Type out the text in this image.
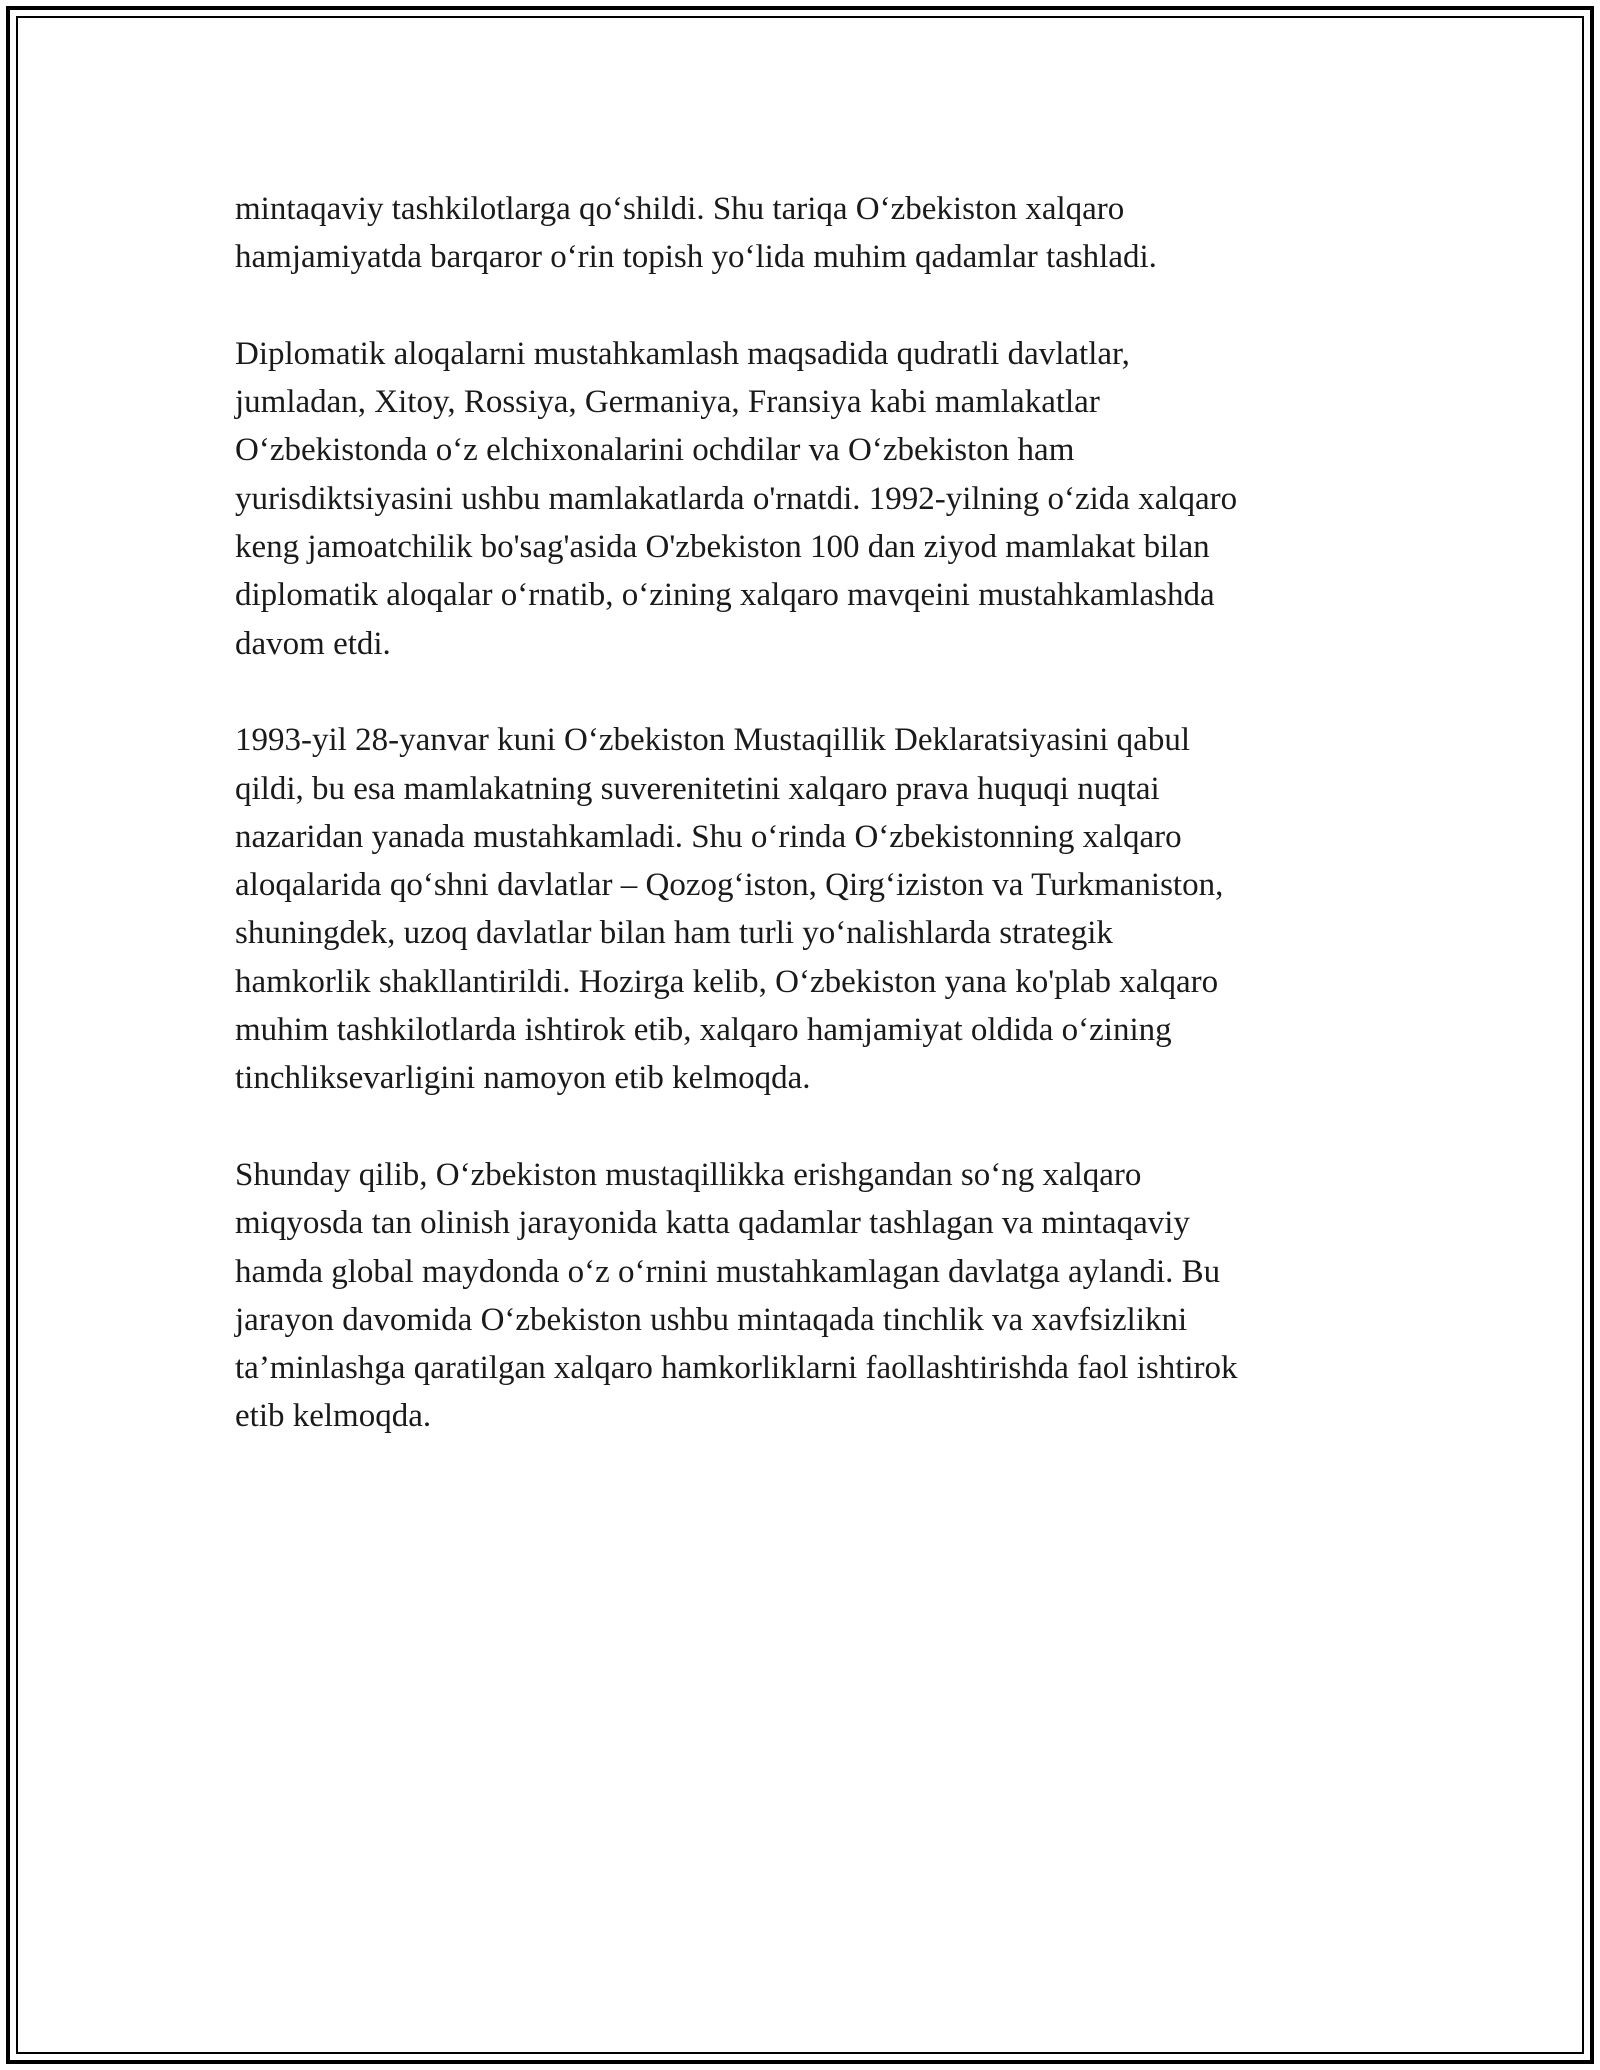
mintaqaviy tashkilotlarga qo‘shildi. Shu tariqa O‘zbekiston xalqaro
hamjamiyatda barqaror o‘rin topish yo‘lida muhim qadamlar tashladi.

Diplomatik aloqalarni mustahkamlash maqsadida qudratli davlatlar,
jumladan, Xitoy, Rossiya, Germaniya, Fransiya kabi mamlakatlar
O‘zbekistonda o‘z elchixonalarini ochdilar va O‘zbekiston ham
yurisdiktsiyasini ushbu mamlakatlarda o'rnatdi. 1992-yilning o‘zida xalqaro
keng jamoatchilik bo'sag'asida O'zbekiston 100 dan ziyod mamlakat bilan
diplomatik aloqalar o‘rnatib, o‘zining xalqaro mavqeini mustahkamlashda
davom etdi.

1993-yil 28-yanvar kuni O‘zbekiston Mustaqillik Deklaratsiyasini qabul
qildi, bu esa mamlakatning suverenitetini xalqaro prava huquqi nuqtai
nazaridan yanada mustahkamladi. Shu o‘rinda O‘zbekistonning xalqaro
aloqalarida qo‘shni davlatlar – Qozog‘iston, Qirg‘iziston va Turkmaniston,
shuningdek, uzoq davlatlar bilan ham turli yo‘nalishlarda strategik
hamkorlik shakllantirildi. Hozirga kelib, O‘zbekiston yana ko'plab xalqaro
muhim tashkilotlarda ishtirok etib, xalqaro hamjamiyat oldida o‘zining
tinchliksevarligini namoyon etib kelmoqda.

Shunday qilib, O‘zbekiston mustaqillikka erishgandan so‘ng xalqaro
miqyosda tan olinish jarayonida katta qadamlar tashlagan va mintaqaviy
hamda global maydonda o‘z o‘rnini mustahkamlagan davlatga aylandi. Bu
jarayon davomida O‘zbekiston ushbu mintaqada tinchlik va xavfsizlikni
ta’minlashga qaratilgan xalqaro hamkorliklarni faollashtirishda faol ishtirok
etib kelmoqda.
